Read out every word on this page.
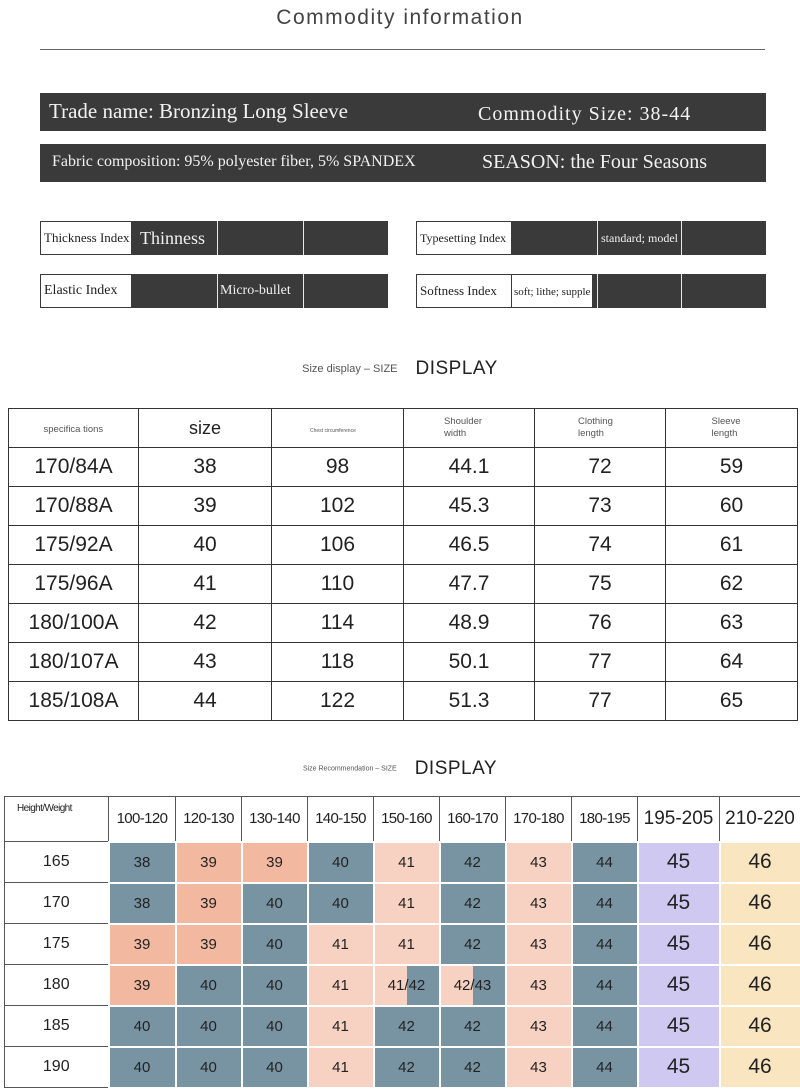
Commodity information
Trade name: Bronzing Long Sleeve	Commodity Size: 38-44
Fabric composition: 95% polyester fiber, 5% SPANDEX	SEASON: the Four Seasons
Thickness Index Thinness
Elastic Index	Micro-bullet
Typesetting Index	standard; model
Softness Index	soft; lithe; supple
Size display – SIZE DISPLAY
specifica tions	size	Chest circumference	Shoulder width	Clothing length	Sleeve length
170/84A	38	98	44.1	72	59
170/88A	39	102	45.3	73	60
175/92A	40	106	46.5	74	61
175/96A	41	110	47.7	75	62
180/100A	42	114	48.9	76	63
180/107A	43	118	50.1	77	64
185/108A	44	122	51.3	77	65
Size Recommendation – SIZE DISPLAY
Height/Weight	100-120	120-130	130-140	140-150	150-160	160-170	170-180	180-195	195-205	210-220
165	38	39	39	40	41	42	43	44	45	46
170	38	39	40	40	41	42	43	44	45	46
175	39	39	40	41	41	42	43	44	45	46
180	39	40	40	41	41/42	42/43	43	44	45	46
185	40	40	40	41	42	42	43	44	45	46
190	40	40	40	41	42	42	43	44	45	46
